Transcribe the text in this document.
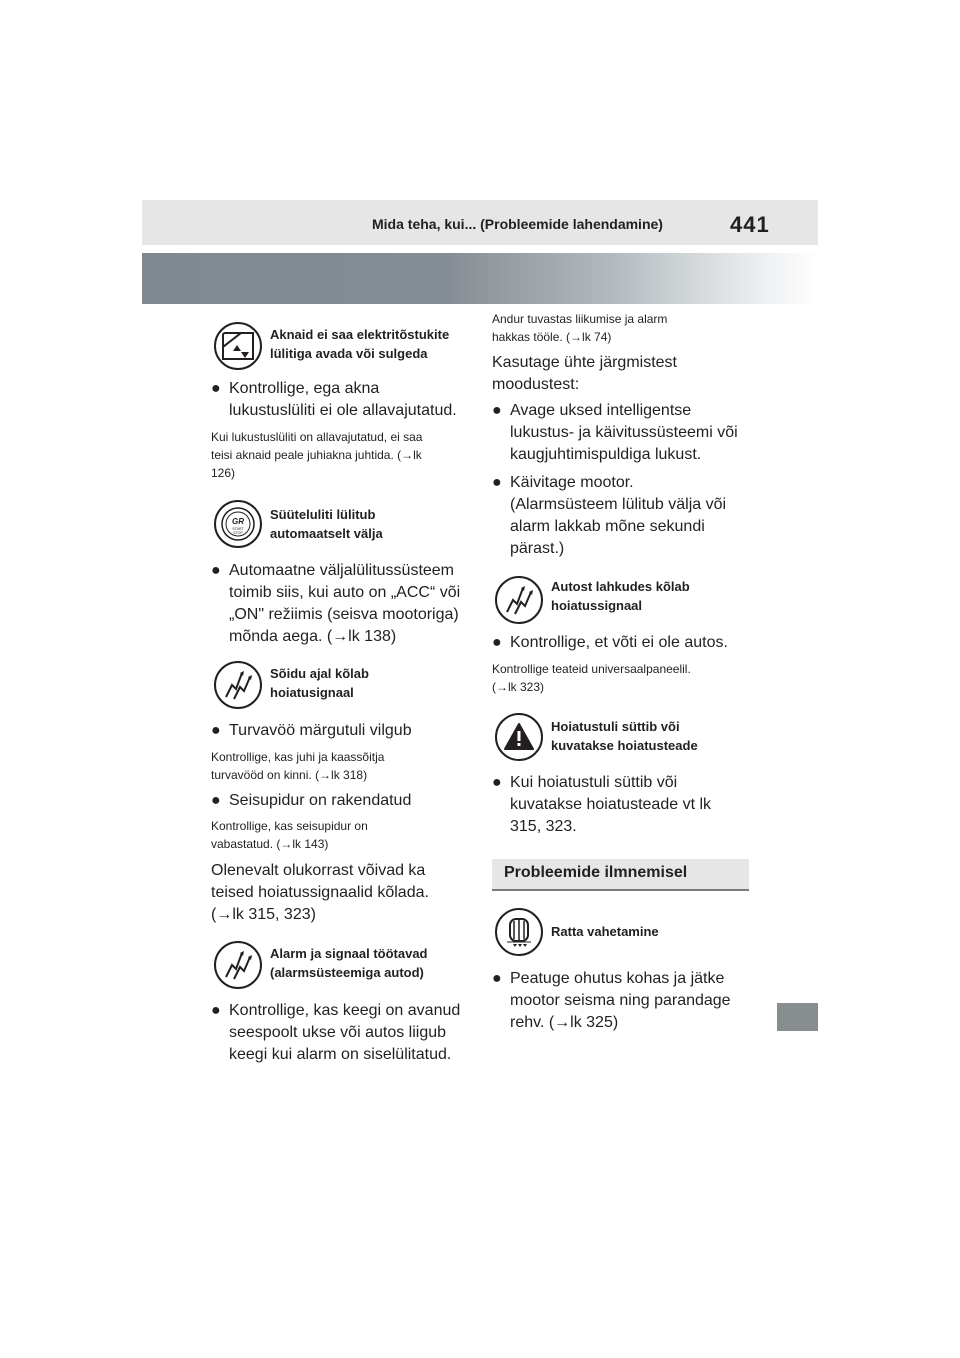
Mida teha, kui... (Probleemide lahendamine)	441
Aknaid ei saa elektritõstukite
lülitiga avada või sulgeda
● Kontrollige, ega akna
lukustuslüliti ei ole allavajutatud.
Kui lukustuslüliti on allavajutatud, ei saa
teisi aknaid peale juhiakna juhtida. (→lk
126)
GR
START
STOP
Süüteluliti lülitub
automaatselt välja
● Automaatne väljalülitussüsteem
toimib siis, kui auto on „ACC“ või
„ON" režiimis (seisva mootoriga)
mõnda aega. (→lk 138)
Sõidu ajal kõlab
hoiatusignaal
● Turvavöö märgutuli vilgub
Kontrollige, kas juhi ja kaassõitja
turvavööd on kinni. (→lk 318)
● Seisupidur on rakendatud
Kontrollige, kas seisupidur on
vabastatud. (→lk 143)
Olenevalt olukorrast võivad ka
teised hoiatussignaalid kõlada.
(→lk 315, 323)
Alarm ja signaal töötavad
(alarmsüsteemiga autod)
● Kontrollige, kas keegi on avanud
seespoolt ukse või autos liigub
keegi kui alarm on siselülitatud.
Andur tuvastas liikumise ja alarm
hakkas tööle. (→lk 74)
Kasutage ühte järgmistest
moodustest:
● Avage uksed intelligentse
lukustus- ja käivitussüsteemi või
kaugjuhtimispuldiga lukust.
● Käivitage mootor.
(Alarmsüsteem lülitub välja või
alarm lakkab mõne sekundi
pärast.)
Autost lahkudes kõlab
hoiatussignaal
● Kontrollige, et võti ei ole autos.
Kontrollige teateid universaalpaneelil.
(→lk 323)
Hoiatustuli süttib või
kuvatakse hoiatusteade
● Kui hoiatustuli süttib või
kuvatakse hoiatusteade vt lk
315, 323.
Probleemide ilmnemisel
Ratta vahetamine
● Peatuge ohutus kohas ja jätke
mootor seisma ning parandage
rehv. (→lk 325)
